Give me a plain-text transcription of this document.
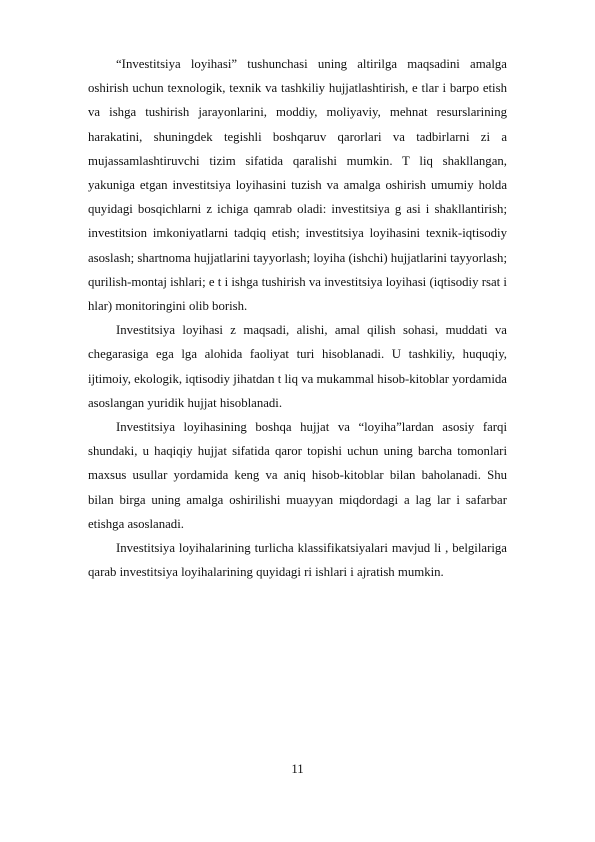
“Investitsiya loyihasi” tushunchasi uning altirilga maqsadini amalga oshirish uchun texnologik, texnik va tashkiliy hujjatlashtirish, e tlar i barpo etish va ishga tushirish jarayonlarini, moddiy, moliyaviy, mehnat resurslarining harakatini, shuningdek tegishli boshqaruv qarorlari va tadbirlarni zi a mujassamlashtiruvchi tizim sifatida qaralishi mumkin. T liq shakllangan, yakuniga etgan investitsiya loyihasini tuzish va amalga oshirish umumiy holda quyidagi bosqichlarni z ichiga qamrab oladi: investitsiya g asi i shakllantirish; investitsion imkoniyatlarni tadqiq etish; investitsiya loyihasini texnik-iqtisodiy asoslash; shartnoma hujjatlarini tayyorlash; loyiha (ishchi) hujjatlarini tayyorlash; qurilish-montaj ishlari; e t i ishga tushirish va investitsiya loyihasi (iqtisodiy rsat i hlar) monitoringini olib borish.

Investitsiya loyihasi z maqsadi, alishi, amal qilish sohasi, muddati va chegarasiga ega lga alohida faoliyat turi hisoblanadi. U tashkiliy, huquqiy, ijtimoiy, ekologik, iqtisodiy jihatdan t liq va mukammal hisob-kitoblar yordamida asoslangan yuridik hujjat hisoblanadi.

Investitsiya loyihasining boshqa hujjat va “loyiha”lardan asosiy farqi shundaki, u haqiqiy hujjat sifatida qaror topishi uchun uning barcha tomonlari maxsus usullar yordamida keng va aniq hisob-kitoblar bilan baholanadi. Shu bilan birga uning amalga oshirilishi muayyan miqdordagi a lag lar i safarbar etishga asoslanadi.

Investitsiya loyihalarining turlicha klassifikatsiyalari mavjud li , belgilariga qarab investitsiya loyihalarining quyidagi ri ishlari i ajratish mumkin.

11
